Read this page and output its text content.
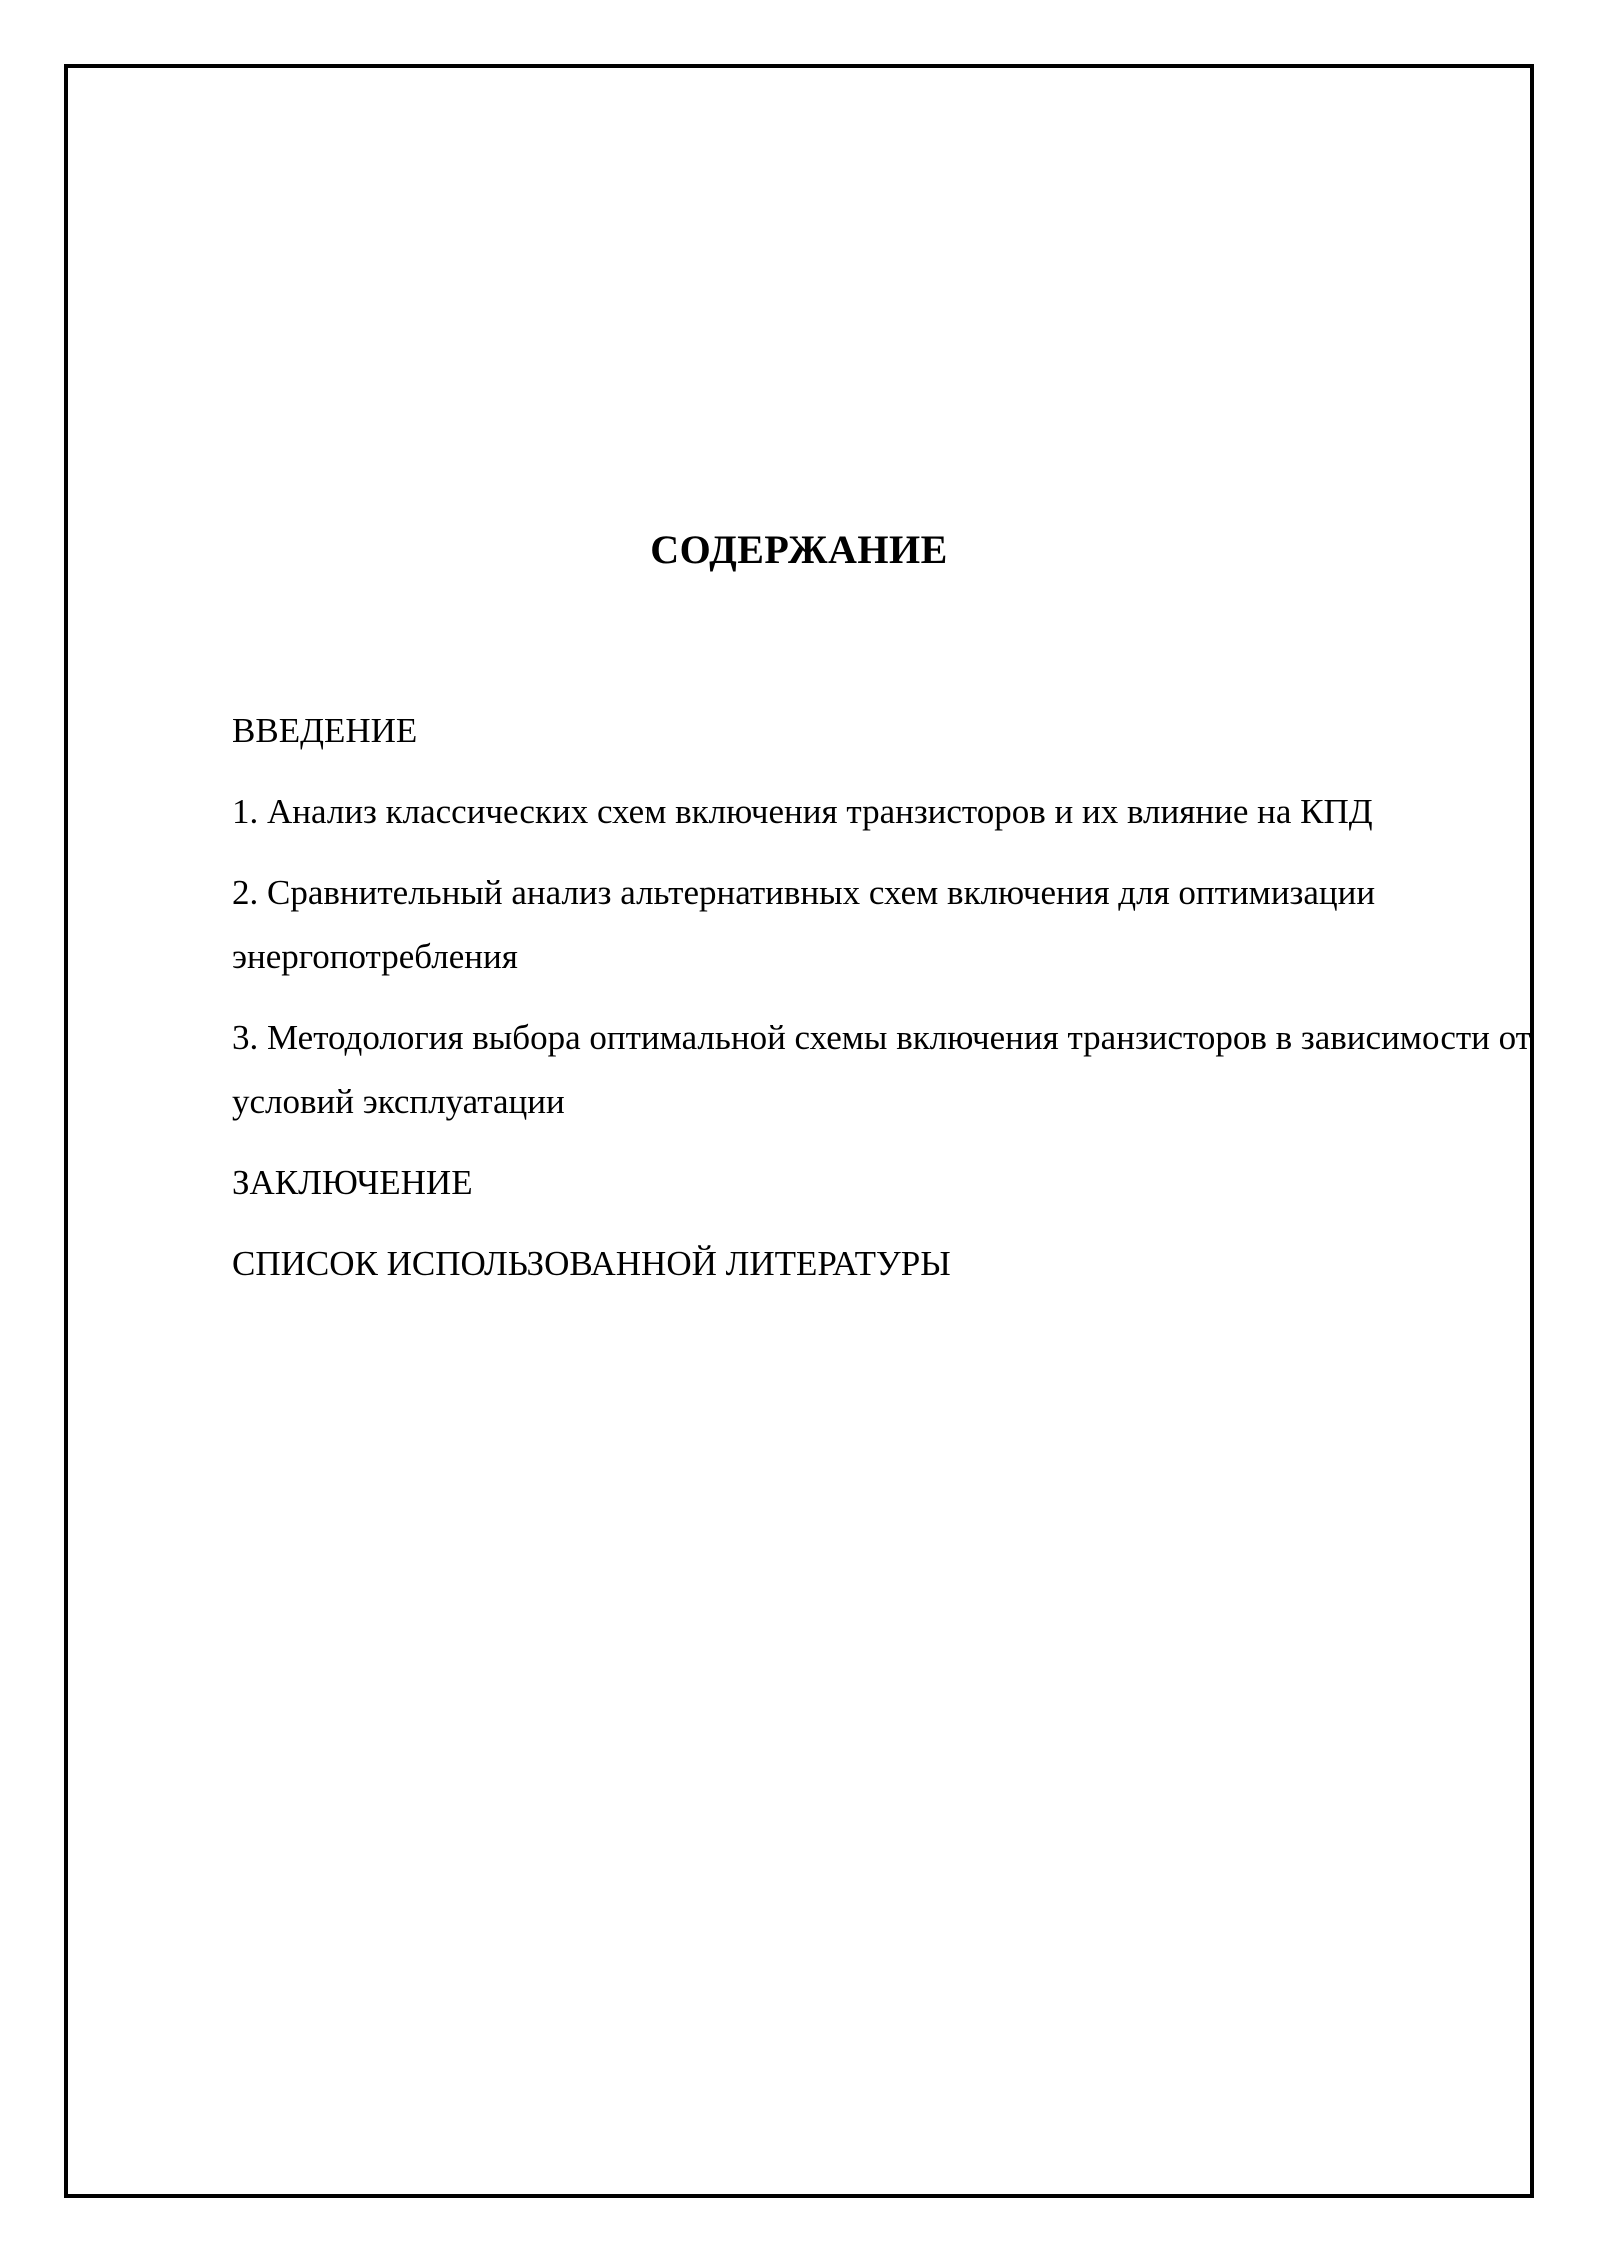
СОДЕРЖАНИЕ
ВВЕДЕНИЕ
1. Анализ классических схем включения транзисторов и их влияние на КПД
2. Сравнительный анализ альтернативных схем включения для оптимизации энергопотребления
3. Методология выбора оптимальной схемы включения транзисторов в зависимости от условий эксплуатации
ЗАКЛЮЧЕНИЕ
СПИСОК ИСПОЛЬЗОВАННОЙ ЛИТЕРАТУРЫ
